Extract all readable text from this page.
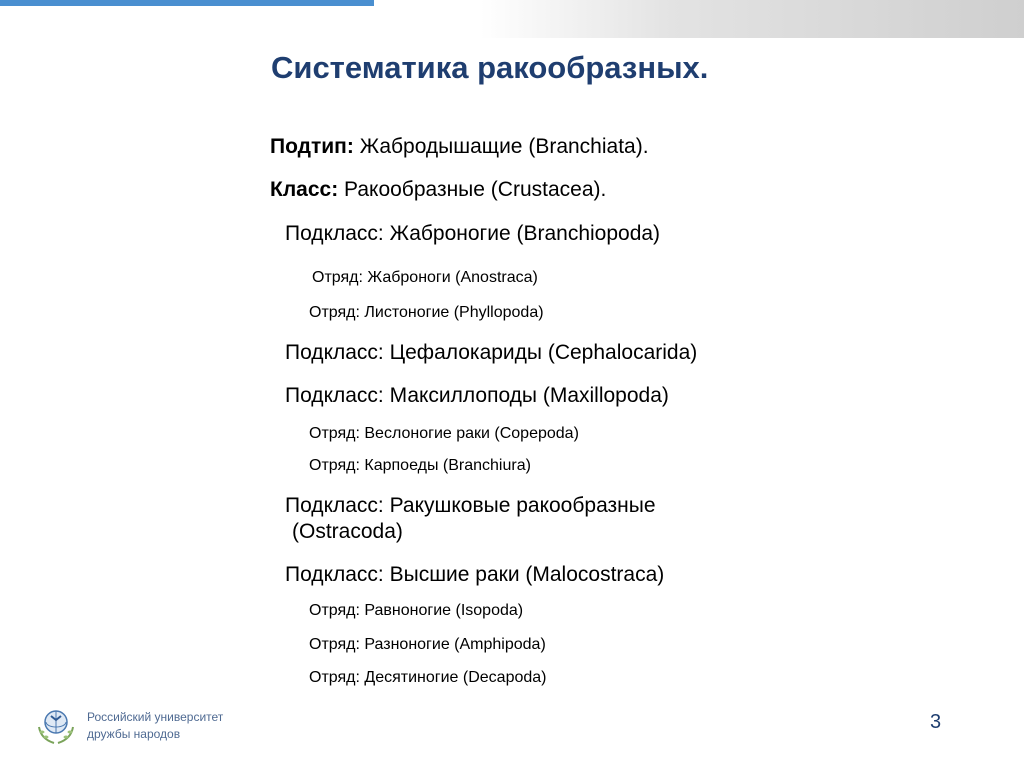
Систематика ракообразных.
Подтип: Жабродышащие (Branchiata).
Класс: Ракообразные (Crustacea).
Подкласс: Жаброногие (Branchiopoda)
Отряд: Жаброноги (Anostraca)
Отряд: Листоногие (Phyllopoda)
Подкласс: Цефалокариды (Cephalocarida)
Подкласс: Максиллоподы (Maxillopoda)
Отряд: Веслоногие раки (Copepoda)
Отряд: Карпоеды (Branchiura)
Подкласс: Ракушковые ракообразные
(Ostracoda)
Подкласс: Высшие раки (Malocostraca)
Отряд: Равноногие (Isopoda)
Отряд: Разноногие (Amphipoda)
Отряд: Десятиногие (Decapoda)
Российский университет
дружбы народов
3
